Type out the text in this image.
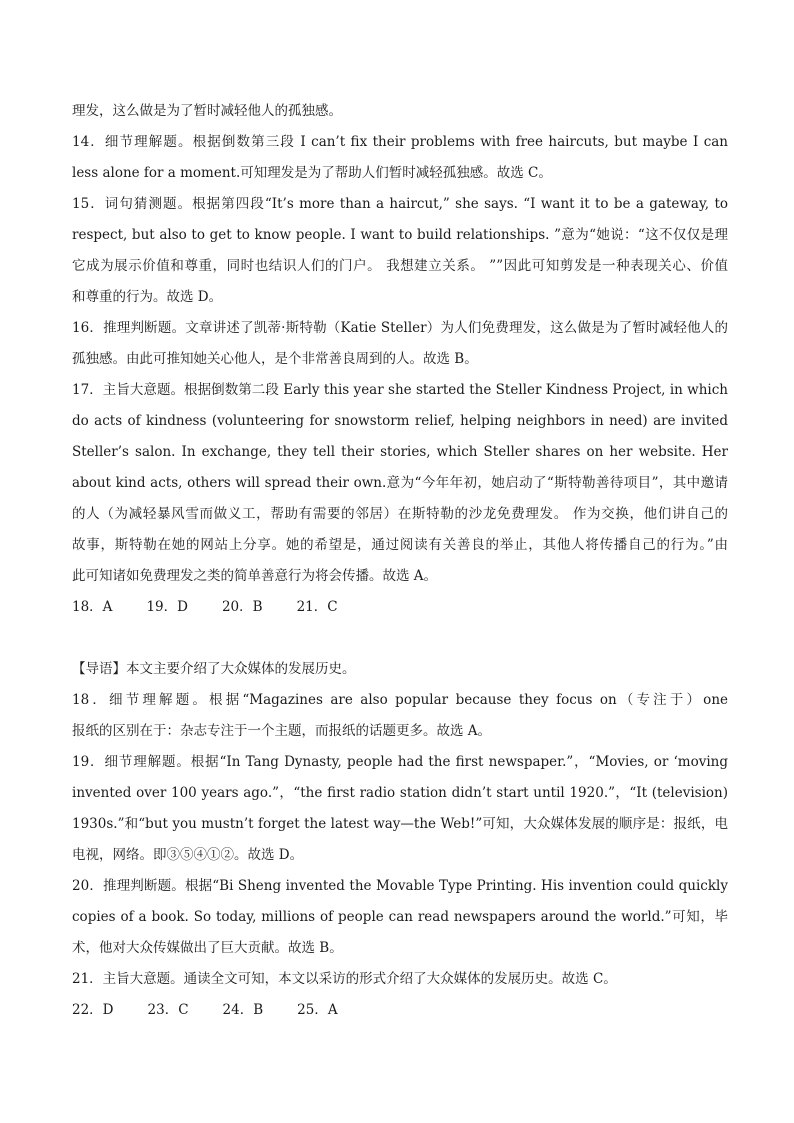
理发，这么做是为了暂时减轻他人的孤独感。
14．细节理解题。根据倒数第三段 I can’t fix their problems with free haircuts, but maybe I can
less alone for a moment.可知理发是为了帮助人们暂时减轻孤独感。故选 C。
15．词句猜测题。根据第四段“It’s more than a haircut,” she says. “I want it to be a gateway, to
respect, but also to get to know people. I want to build relationships. ”意为“她说：“这不仅仅是理
它成为展示价值和尊重，同时也结识人们的门户。 我想建立关系。 ””因此可知剪发是一种表现关心、价值
和尊重的行为。故选 D。
16．推理判断题。文章讲述了凯蒂·斯特勒（Katie Steller）为人们免费理发，这么做是为了暂时减轻他人的
孤独感。由此可推知她关心他人，是个非常善良周到的人。故选 B。
17．主旨大意题。根据倒数第二段 Early this year she started the Steller Kindness Project, in which
do acts of kindness (volunteering for snowstorm relief, helping neighbors in need) are invited
Steller’s salon. In exchange, they tell their stories, which Steller shares on her website. Her
about kind acts, others will spread their own.意为“今年年初，她启动了“斯特勒善待项目”，其中邀请
的人（为减轻暴风雪而做义工，帮助有需要的邻居）在斯特勒的沙龙免费理发。 作为交换，他们讲自己的
故事，斯特勒在她的网站上分享。她的希望是，通过阅读有关善良的举止，其他人将传播自己的行为。”由
此可知诸如免费理发之类的简单善意行为将会传播。故选 A。
18．A	19．D	20．B	21．C
【导语】本文主要介绍了大众媒体的发展历史。
18．细节理解题。根据“Magazines are also popular because they focus on（专注于）one
报纸的区别在于：杂志专注于一个主题，而报纸的话题更多。故选 A。
19．细节理解题。根据“In Tang Dynasty, people had the first newspaper.”，“Movies, or ‘moving
invented over 100 years ago.”，“the first radio station didn’t start until 1920.”，“It (television)
1930s.”和“but you mustn’t forget the latest way—the Web!”可知，大众媒体发展的顺序是：报纸，电
电视，网络。即③⑤④①②。故选 D。
20．推理判断题。根据“Bi Sheng invented the Movable Type Printing. His invention could quickly
copies of a book. So today, millions of people can read newspapers around the world.”可知，毕
术，他对大众传媒做出了巨大贡献。故选 B。
21．主旨大意题。通读全文可知，本文以采访的形式介绍了大众媒体的发展历史。故选 C。
22．D	23．C	24．B	25．A
